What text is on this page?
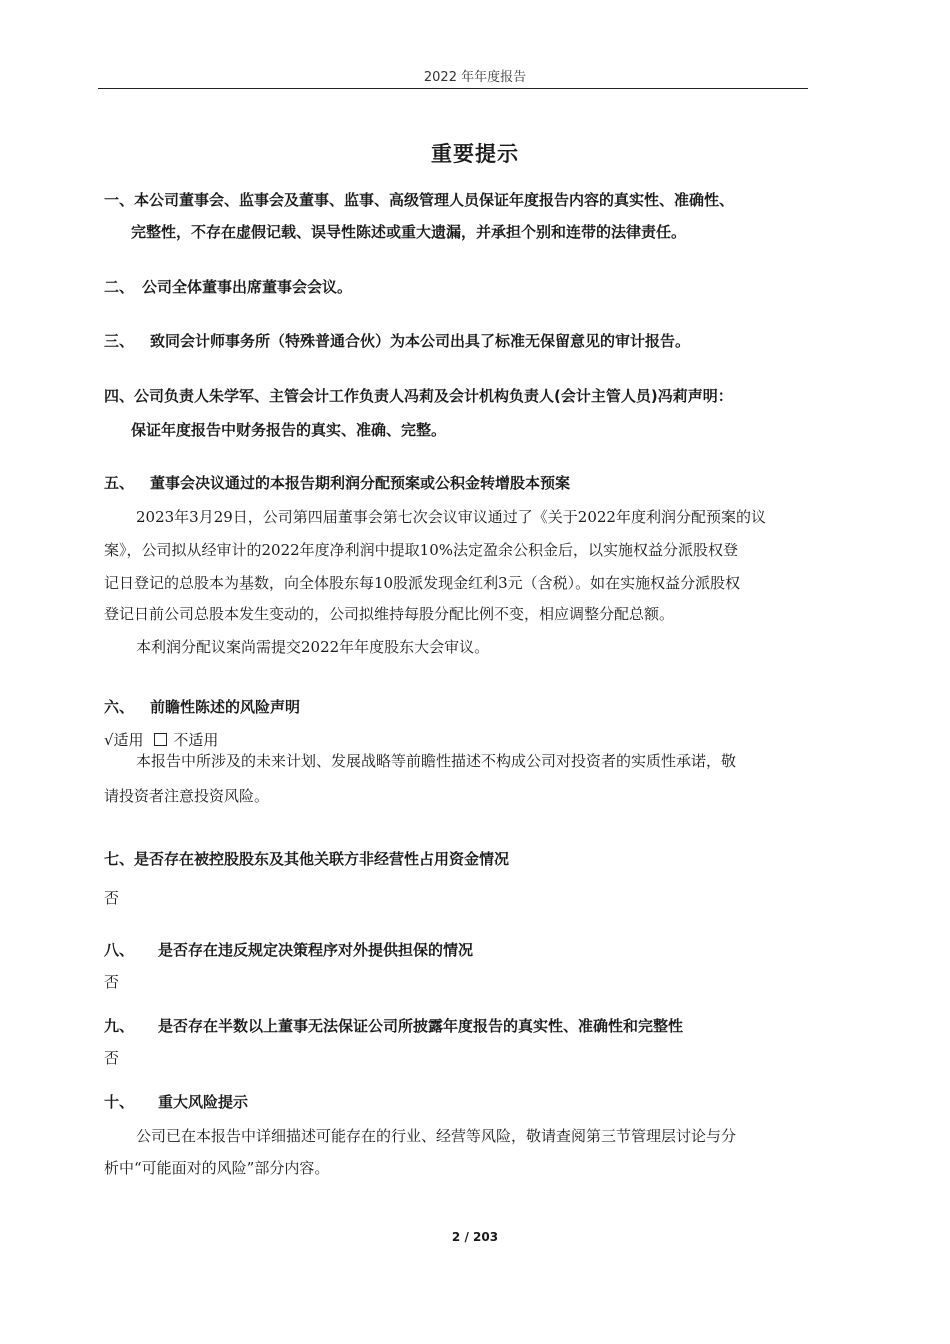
2022 年年度报告
重要提示
一、本公司董事会、监事会及董事、监事、高级管理人员保证年度报告内容的真实性、准确性、
完整性，不存在虚假记载、误导性陈述或重大遗漏，并承担个别和连带的法律责任。
二、 公司全体董事出席董事会会议。
三、 致同会计师事务所（特殊普通合伙）为本公司出具了标准无保留意见的审计报告。
四、公司负责人朱学军、主管会计工作负责人冯莉及会计机构负责人(会计主管人员)冯莉声明：
保证年度报告中财务报告的真实、准确、完整。
五、 董事会决议通过的本报告期利润分配预案或公积金转增股本预案
2023年3月29日，公司第四届董事会第七次会议审议通过了《关于2022年度利润分配预案的议
案》，公司拟从经审计的2022年度净利润中提取10%法定盈余公积金后，以实施权益分派股权登
记日登记的总股本为基数，向全体股东每10股派发现金红利3元（含税）。如在实施权益分派股权
登记日前公司总股本发生变动的，公司拟维持每股分配比例不变，相应调整分配总额。
本利润分配议案尚需提交2022年年度股东大会审议。
六、 前瞻性陈述的风险声明
√适用 不适用
本报告中所涉及的未来计划、发展战略等前瞻性描述不构成公司对投资者的实质性承诺，敬
请投资者注意投资风险。
七、是否存在被控股股东及其他关联方非经营性占用资金情况
否
八、 是否存在违反规定决策程序对外提供担保的情况
否
九、 是否存在半数以上董事无法保证公司所披露年度报告的真实性、准确性和完整性
否
十、 重大风险提示
公司已在本报告中详细描述可能存在的行业、经营等风险，敬请查阅第三节管理层讨论与分
析中“可能面对的风险”部分内容。
2 / 203
